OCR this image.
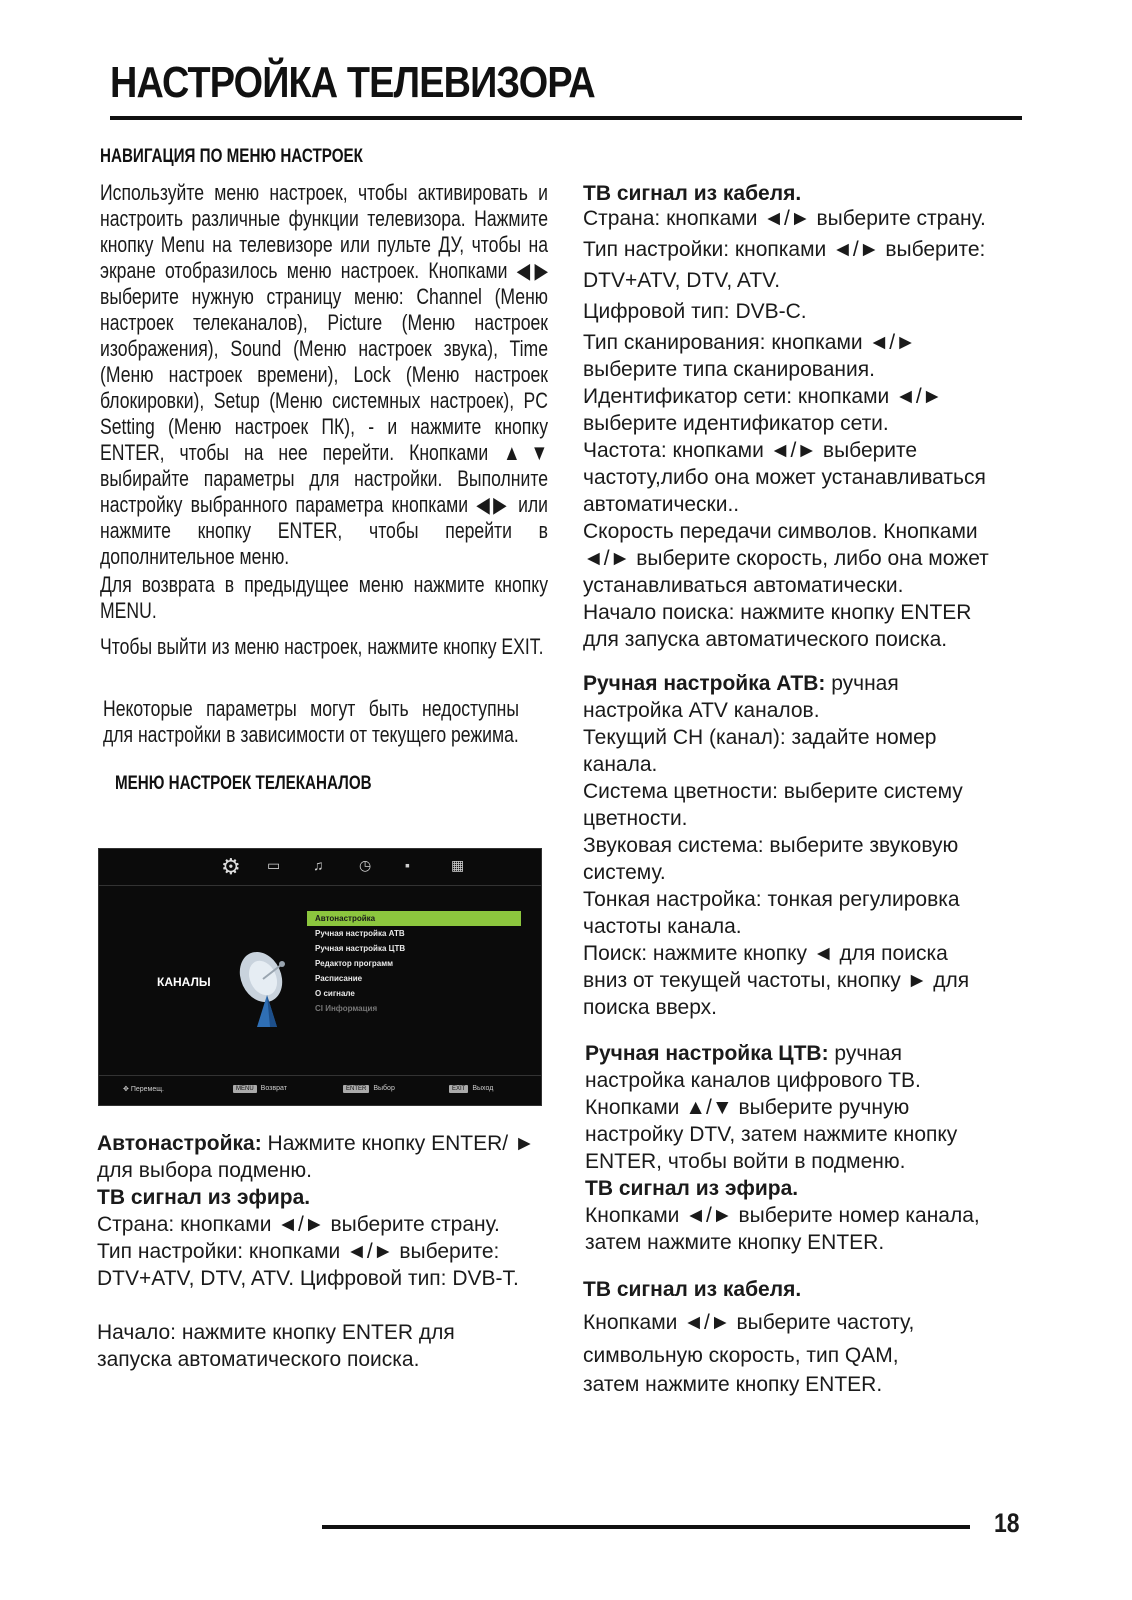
НАСТРОЙКА ТЕЛЕВИЗОРА
НАВИГАЦИЯ ПО МЕНЮ НАСТРОЕК
Используйте меню настроек, чтобы активировать и настроить различные функции телевизора. Нажмите кнопку Menu на телевизоре или пульте ДУ, чтобы на экране отобразилось меню настроек. Кнопками ◀▶ выберите нужную страницу меню: Channel (Меню настроек телеканалов), Picture (Меню настроек изображения), Sound (Меню настроек звука), Time (Меню настроек времени), Lock (Меню настроек блокировки), Setup (Меню системных настроек), PC Setting (Меню настроек ПК), - и нажмите кнопку ENTER, чтобы на нее перейти. Кнопками ▲▼ выбирайте параметры для настройки. Выполните настройку выбранного параметра кнопками ◀▶ или нажмите кнопку ENTER, чтобы перейти в дополнительное меню.
Для возврата в предыдущее меню нажмите кнопку MENU.
Чтобы выйти из меню настроек, нажмите кнопку EXIT.
Некоторые параметры могут быть недоступны для настройки в зависимости от текущего режима.
МЕНЮ НАСТРОЕК ТЕЛЕКАНАЛОВ
⚙ ▭ ♫	◷ ▪	▦
КАНАЛЫ
Автонастройка
Ручная настройка АТВ
Ручная настройка ЦТВ
Редактор программ
Расписание
О сигнале
CI Информация
✥ Перемещ.	MENU Возврат	ENTER Выбор	EXIT Выход
Автонастройка: Нажмите кнопку ENTER/ ► для выбора подменю.
ТВ сигнал из эфира.
Страна: кнопками ◄/► выберите страну.
Тип настройки: кнопками ◄/► выберите: DTV+ATV, DTV, ATV. Цифровой тип: DVB-T.
Начало: нажмите кнопку ENTER для запуска автоматического поиска.
ТВ сигнал из кабеля.
Страна: кнопками ◄/► выберите страну.
Тип настройки: кнопками ◄/► выберите:
DTV+ATV, DTV, ATV.
Цифровой тип: DVB-C.
Тип сканирования: кнопками ◄/►
выберите типа сканирования.
Идентификатор сети: кнопками ◄/►
выберите идентификатор сети.
Частота: кнопками ◄/► выберите
частоту,либо она может устанавливаться
автоматически..
Скорость передачи символов. Кнопками
◄/► выберите скорость, либо она может
устанавливаться автоматически.
Начало поиска: нажмите кнопку ENTER
для запуска автоматического поиска.
Ручная настройка АТВ: ручная
настройка ATV каналов.
Текущий CH (канал): задайте номер
канала.
Система цветности: выберите систему
цветности.
Звуковая система: выберите звуковую
систему.
Тонкая настройка: тонкая регулировка
частоты канала.
Поиск: нажмите кнопку ◄ для поиска
вниз от текущей частоты, кнопку ► для
поиска вверх.
Ручная настройка ЦТВ: ручная
настройка каналов цифрового ТВ.
Кнопками ▲/▼ выберите ручную
настройку DTV, затем нажмите кнопку
ENTER, чтобы войти в подменю.
ТВ сигнал из эфира.
Кнопками ◄/► выберите номер канала,
затем нажмите кнопку ENTER.
ТВ сигнал из кабеля.
Кнопками ◄/► выберите частоту,
символьную скорость, тип QAM,
затем нажмите кнопку ENTER.
18
